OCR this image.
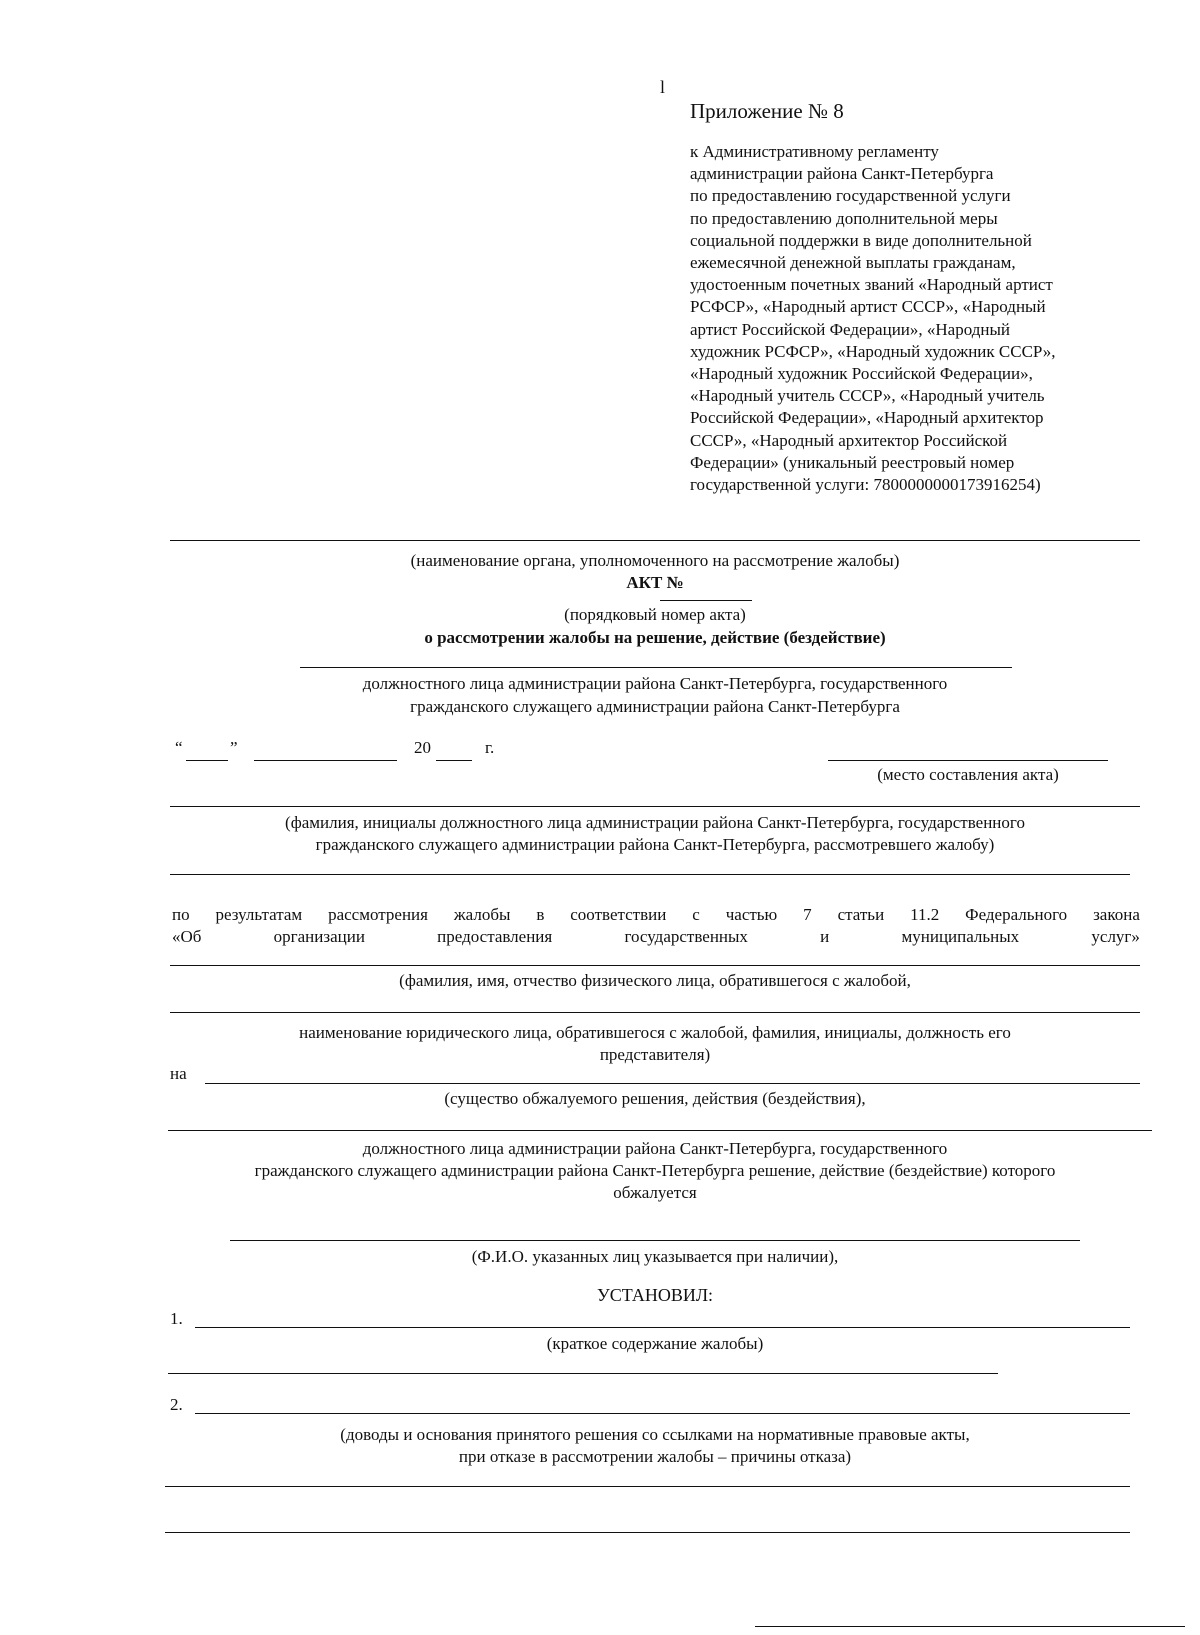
l
Приложение № 8
к Административному регламенту
администрации района Санкт-Петербурга
по предоставлению государственной услуги
по предоставлению дополнительной меры
социальной поддержки в виде дополнительной
ежемесячной денежной выплаты гражданам,
удостоенным почетных званий «Народный артист
РСФСР», «Народный артист СССР», «Народный
артист Российской Федерации», «Народный
художник РСФСР», «Народный художник СССР»,
«Народный художник Российской Федерации»,
«Народный учитель СССР», «Народный учитель
Российской Федерации», «Народный архитектор
СССР», «Народный архитектор Российской
Федерации» (уникальный реестровый номер
государственной услуги: 7800000000173916254)
(наименование органа, уполномоченного на рассмотрение жалобы)
АКТ №
(порядковый номер акта)
о рассмотрении жалобы на решение, действие (бездействие)
должностного лица администрации района Санкт-Петербурга, государственного
гражданского служащего администрации района Санкт-Петербурга
“	”	20	г.
(место составления акта)
(фамилия, инициалы должностного лица администрации района Санкт-Петербурга, государственного
гражданского служащего администрации района Санкт-Петербурга, рассмотревшего жалобу)
по результатам рассмотрения жалобы в соответствии с частью 7 статьи 11.2 Федерального закона
«Об	организации	предоставления	государственных	и	муниципальных	услуг»
(фамилия, имя, отчество физического лица, обратившегося с жалобой,
наименование юридического лица, обратившегося с жалобой, фамилия, инициалы, должность его
представителя)
на
(существо обжалуемого решения, действия (бездействия),
должностного лица администрации района Санкт-Петербурга, государственного
гражданского служащего администрации района Санкт-Петербурга решение, действие (бездействие) которого
обжалуется
(Ф.И.О. указанных лиц указывается при наличии),
УСТАНОВИЛ:
1.
(краткое содержание жалобы)
2.
(доводы и основания принятого решения со ссылками на нормативные правовые акты,
при отказе в рассмотрении жалобы – причины отказа)
